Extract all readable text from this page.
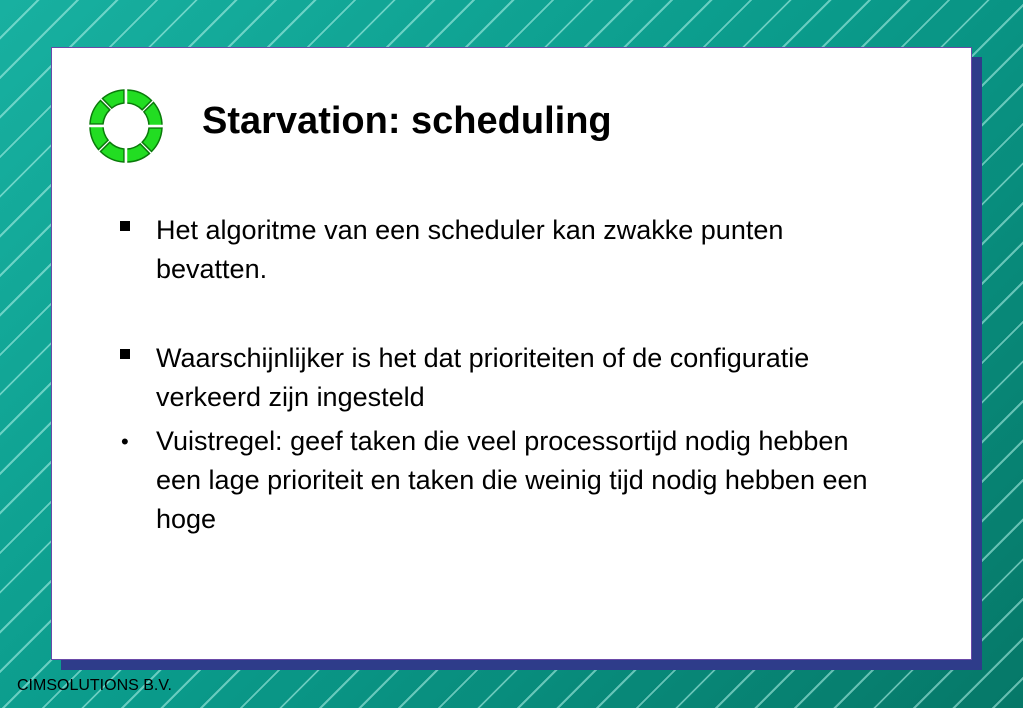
Starvation: scheduling
Het algoritme van een scheduler kan zwakke punten bevatten.
Waarschijnlijker is het dat prioriteiten of de configuratie verkeerd zijn ingesteld
• Vuistregel: geef taken die veel processortijd nodig hebben een lage prioriteit en taken die weinig tijd nodig hebben een hoge
CIMSOLUTIONS B.V.
